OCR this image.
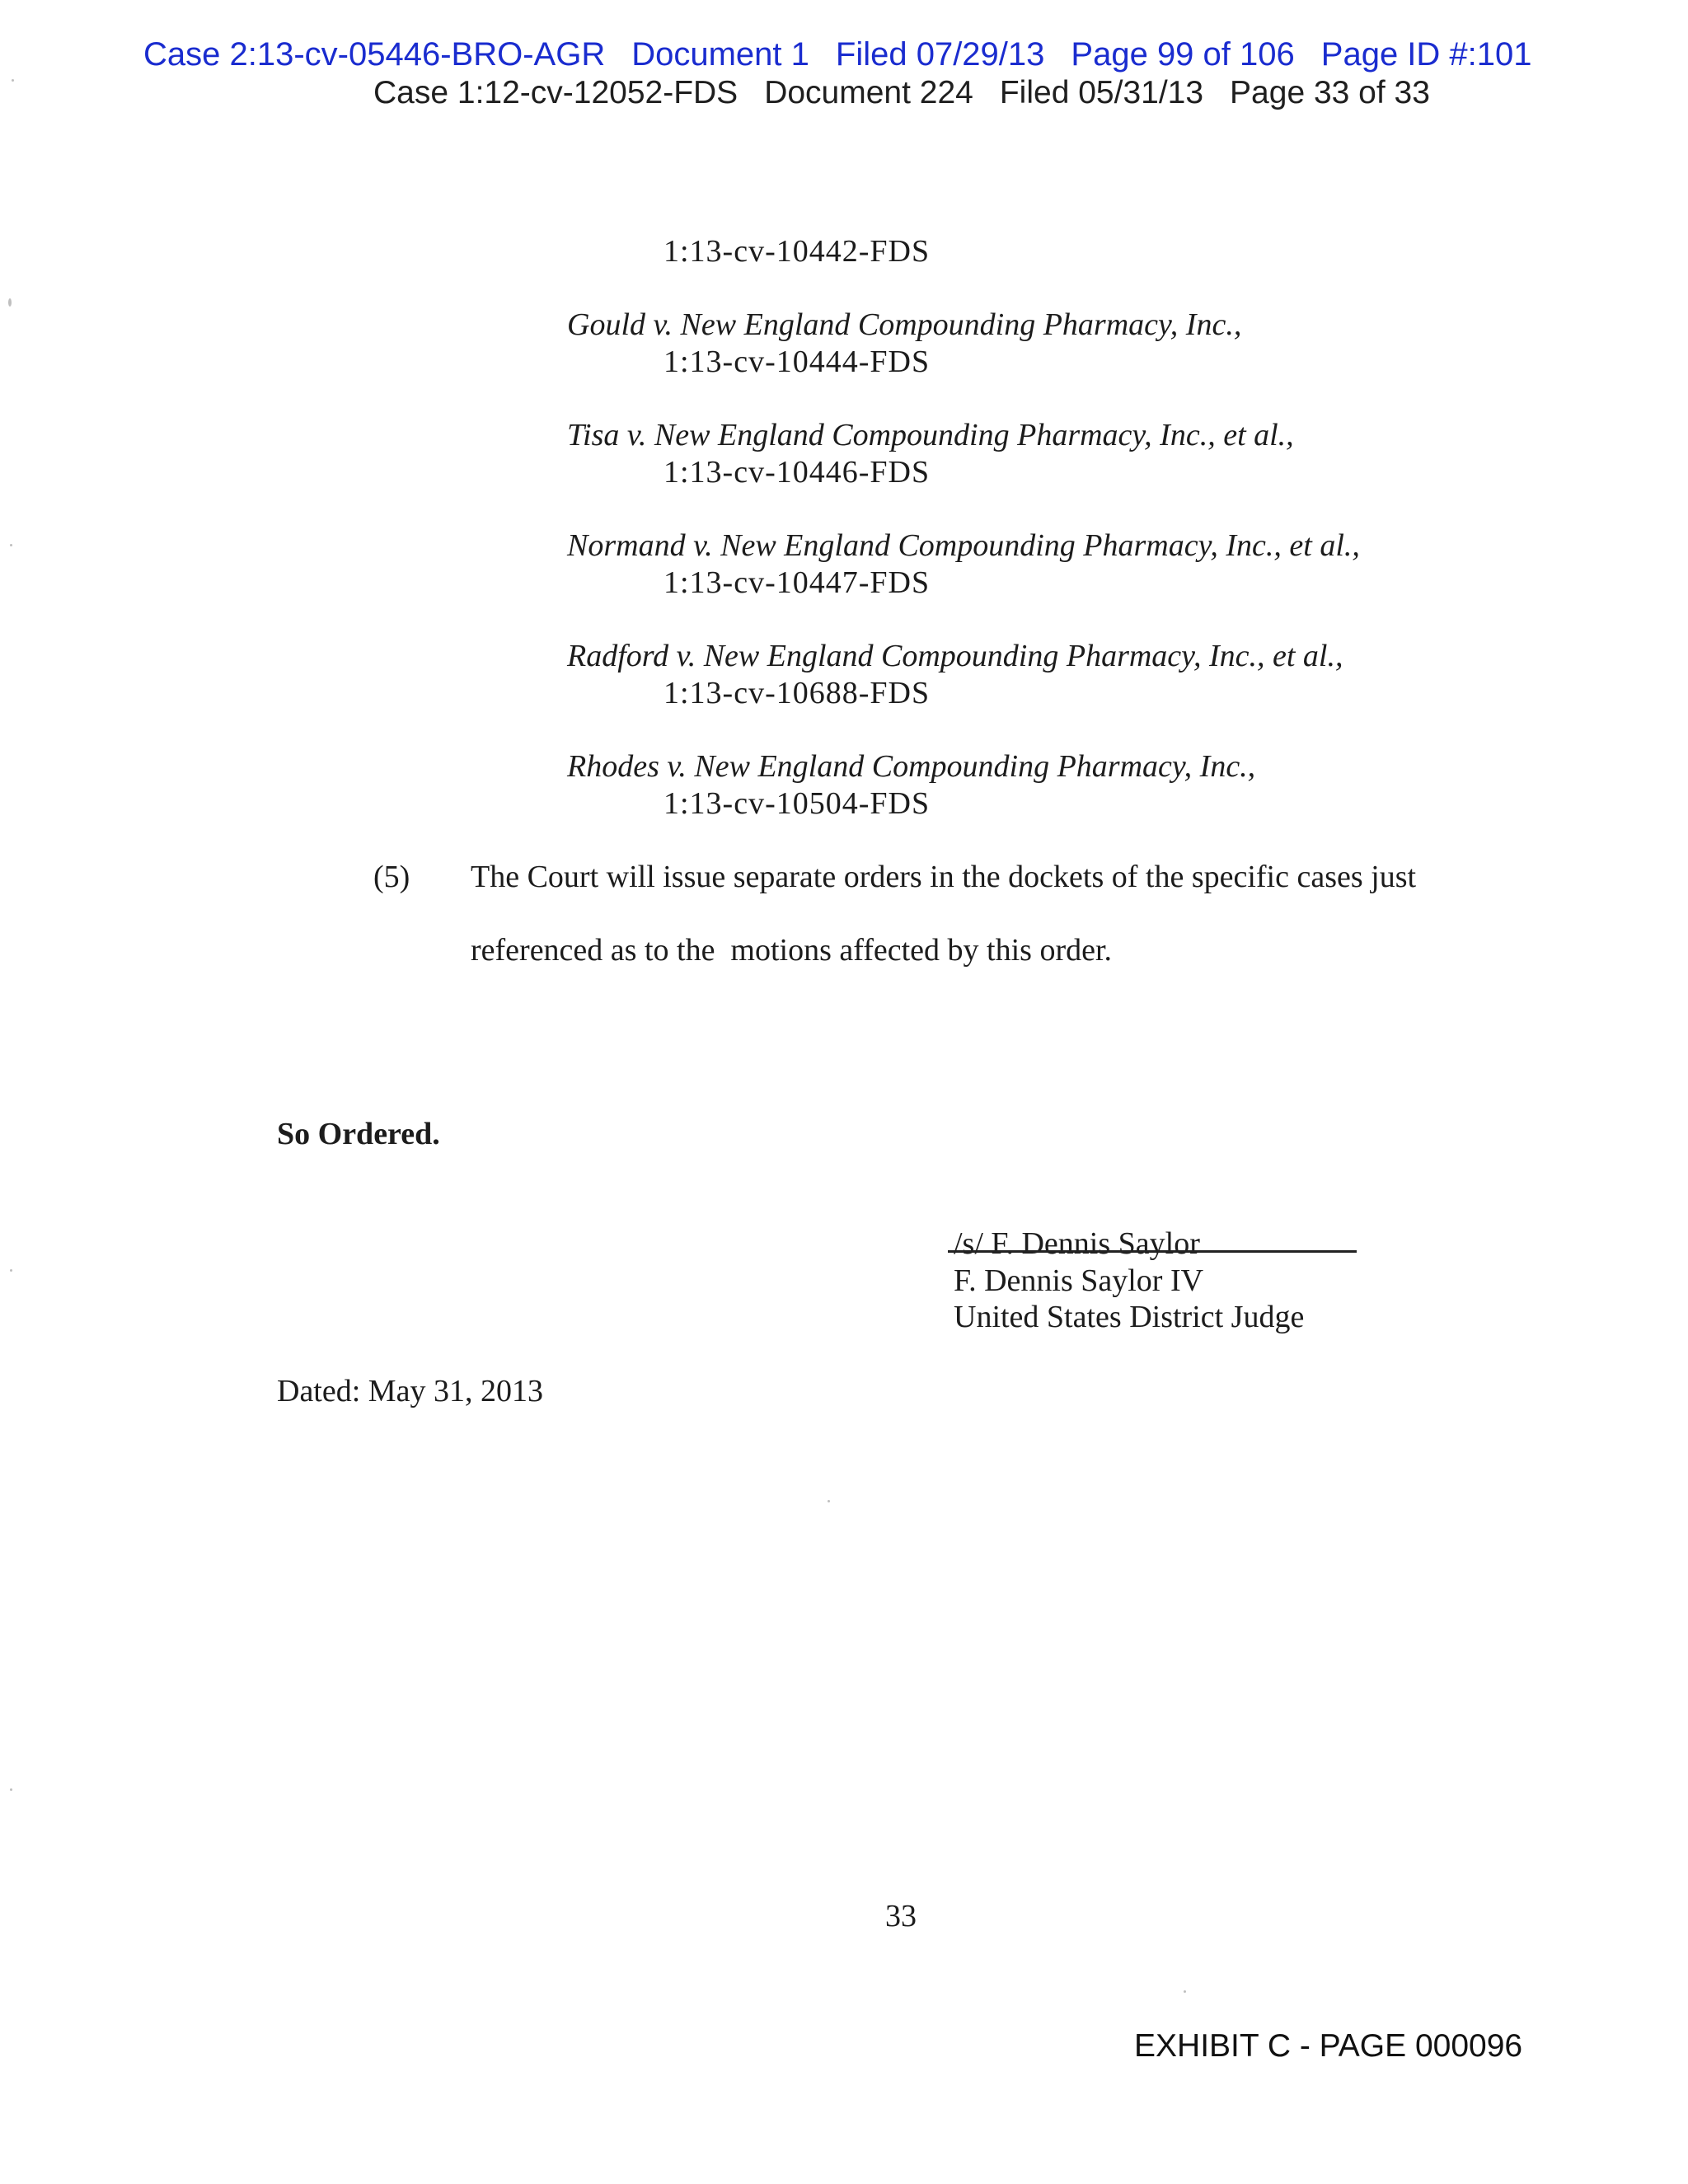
Case 2:13-cv-05446-BRO-AGR Document 1 Filed 07/29/13 Page 99 of 106 Page ID #:101
Case 1:12-cv-12052-FDS Document 224 Filed 05/31/13 Page 33 of 33
1:13-cv-10442-FDS
Gould v. New England Compounding Pharmacy, Inc.,
1:13-cv-10444-FDS
Tisa v. New England Compounding Pharmacy, Inc., et al.,
1:13-cv-10446-FDS
Normand v. New England Compounding Pharmacy, Inc., et al.,
1:13-cv-10447-FDS
Radford v. New England Compounding Pharmacy, Inc., et al.,
1:13-cv-10688-FDS
Rhodes v. New England Compounding Pharmacy, Inc.,
1:13-cv-10504-FDS
(5) The Court will issue separate orders in the dockets of the specific cases just
referenced as to the  motions affected by this order.
So Ordered.
/s/ F. Dennis Saylor
F. Dennis Saylor IV
United States District Judge
Dated: May 31, 2013
33
EXHIBIT C - PAGE 000096
